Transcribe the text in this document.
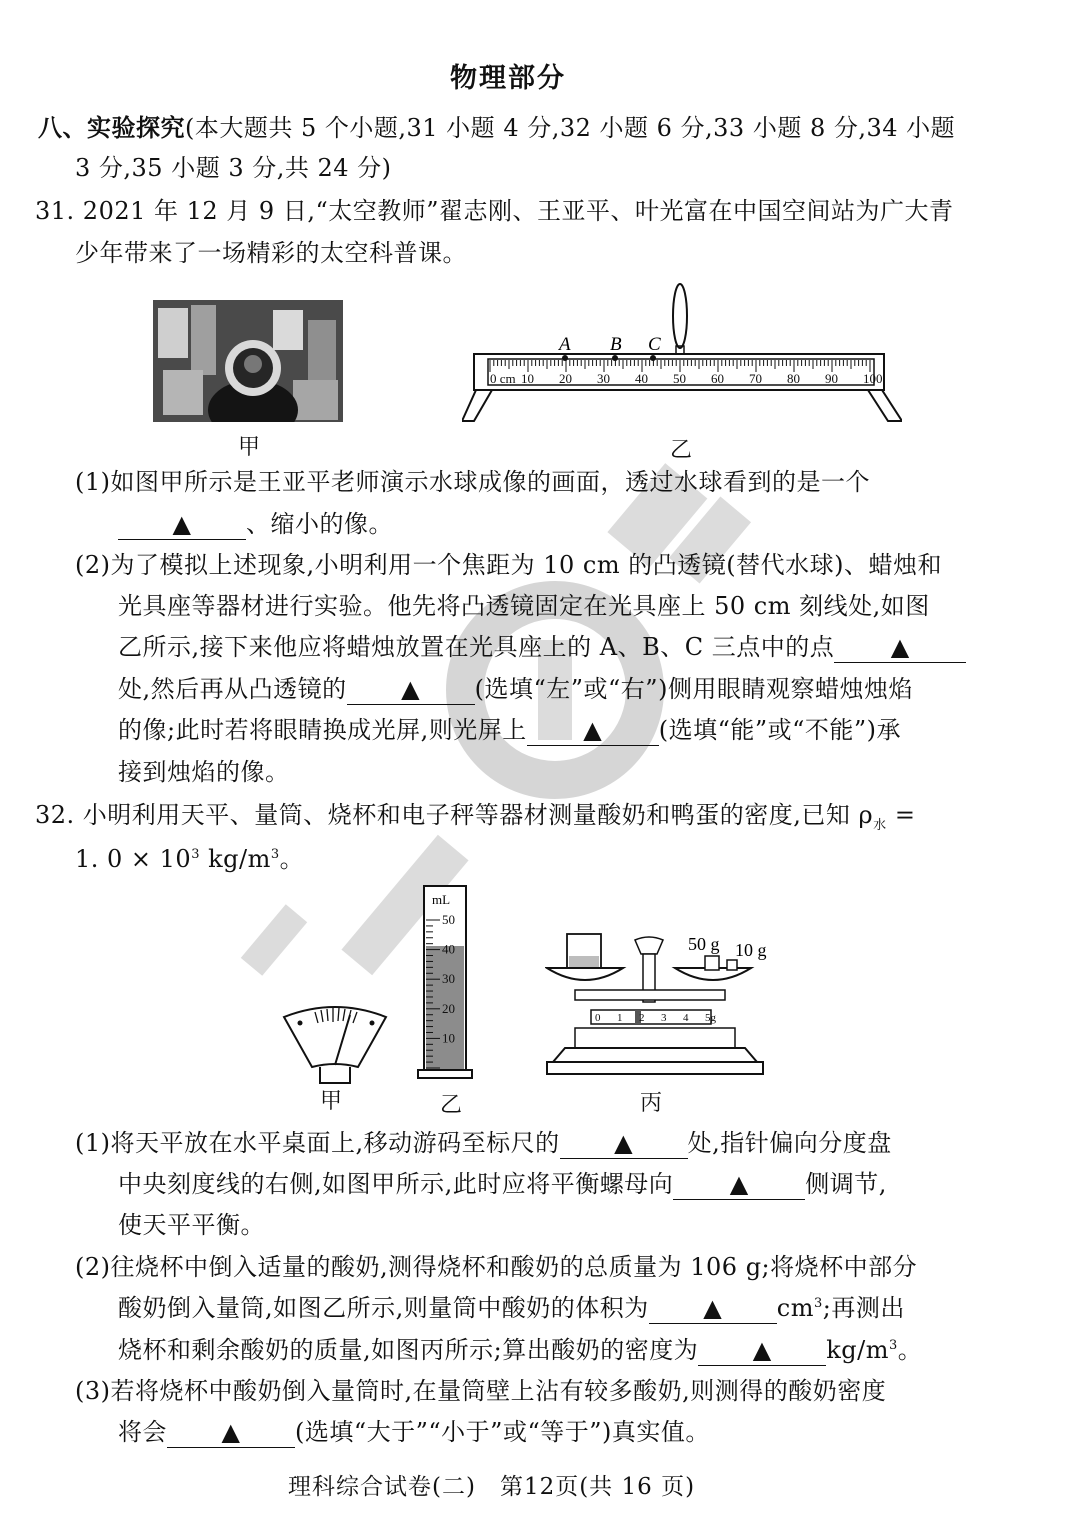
物理部分
八、实验探究(本大题共 5 个小题,31 小题 4 分,32 小题 6 分,33 小题 8 分,34 小题
3 分,35 小题 3 分,共 24 分)
31. 2021 年 12 月 9 日,“太空教师”翟志刚、王亚平、叶光富在中国空间站为广大青
少年带来了一场精彩的太空科普课。
甲
A B C
0 cm 10 20 30 40 50 60 70 80 90 100
乙
(1)如图甲所示是王亚平老师演示水球成像的画面，透过水球看到的是一个
▲ 、缩小的像。
(2)为了模拟上述现象,小明利用一个焦距为 10 cm 的凸透镜(替代水球)、蜡烛和
光具座等器材进行实验。他先将凸透镜固定在光具座上 50 cm 刻线处,如图
乙所示,接下来他应将蜡烛放置在光具座上的 A、B、C 三点中的点 ▲
处,然后再从凸透镜的 ▲ (选填“左”或“右”)侧用眼睛观察蜡烛烛焰
的像;此时若将眼睛换成光屏,则光屏上 ▲ (选填“能”或“不能”)承
接到烛焰的像。
32. 小明利用天平、量筒、烧杯和电子秤等器材测量酸奶和鸭蛋的密度,已知 $\rho_水$ =
1. $0 \times 10^3$ $kg/m^3$。
甲
mL
50
40
30
20
10
乙
50 g 10 g
0 1 2 3 4 5g
丙
(1)将天平放在水平桌面上,移动游码至标尺的 ▲ 处,指针偏向分度盘
中央刻度线的右侧,如图甲所示,此时应将平衡螺母向 ▲ 侧调节,
使天平平衡。
(2)往烧杯中倒入适量的酸奶,测得烧杯和酸奶的总质量为 106 g;将烧杯中部分
酸奶倒入量筒,如图乙所示,则量筒中酸奶的体积为 ▲ $cm^3$;再测出
烧杯和剩余酸奶的质量,如图丙所示;算出酸奶的密度为 ▲ $kg/m^3$。
(3)若将烧杯中酸奶倒入量筒时,在量筒壁上沾有较多酸奶,则测得的酸奶密度
将会 ▲ (选填“大于”“小于”或“等于”)真实值。
理科综合试卷(二)　第12页(共 16 页)
